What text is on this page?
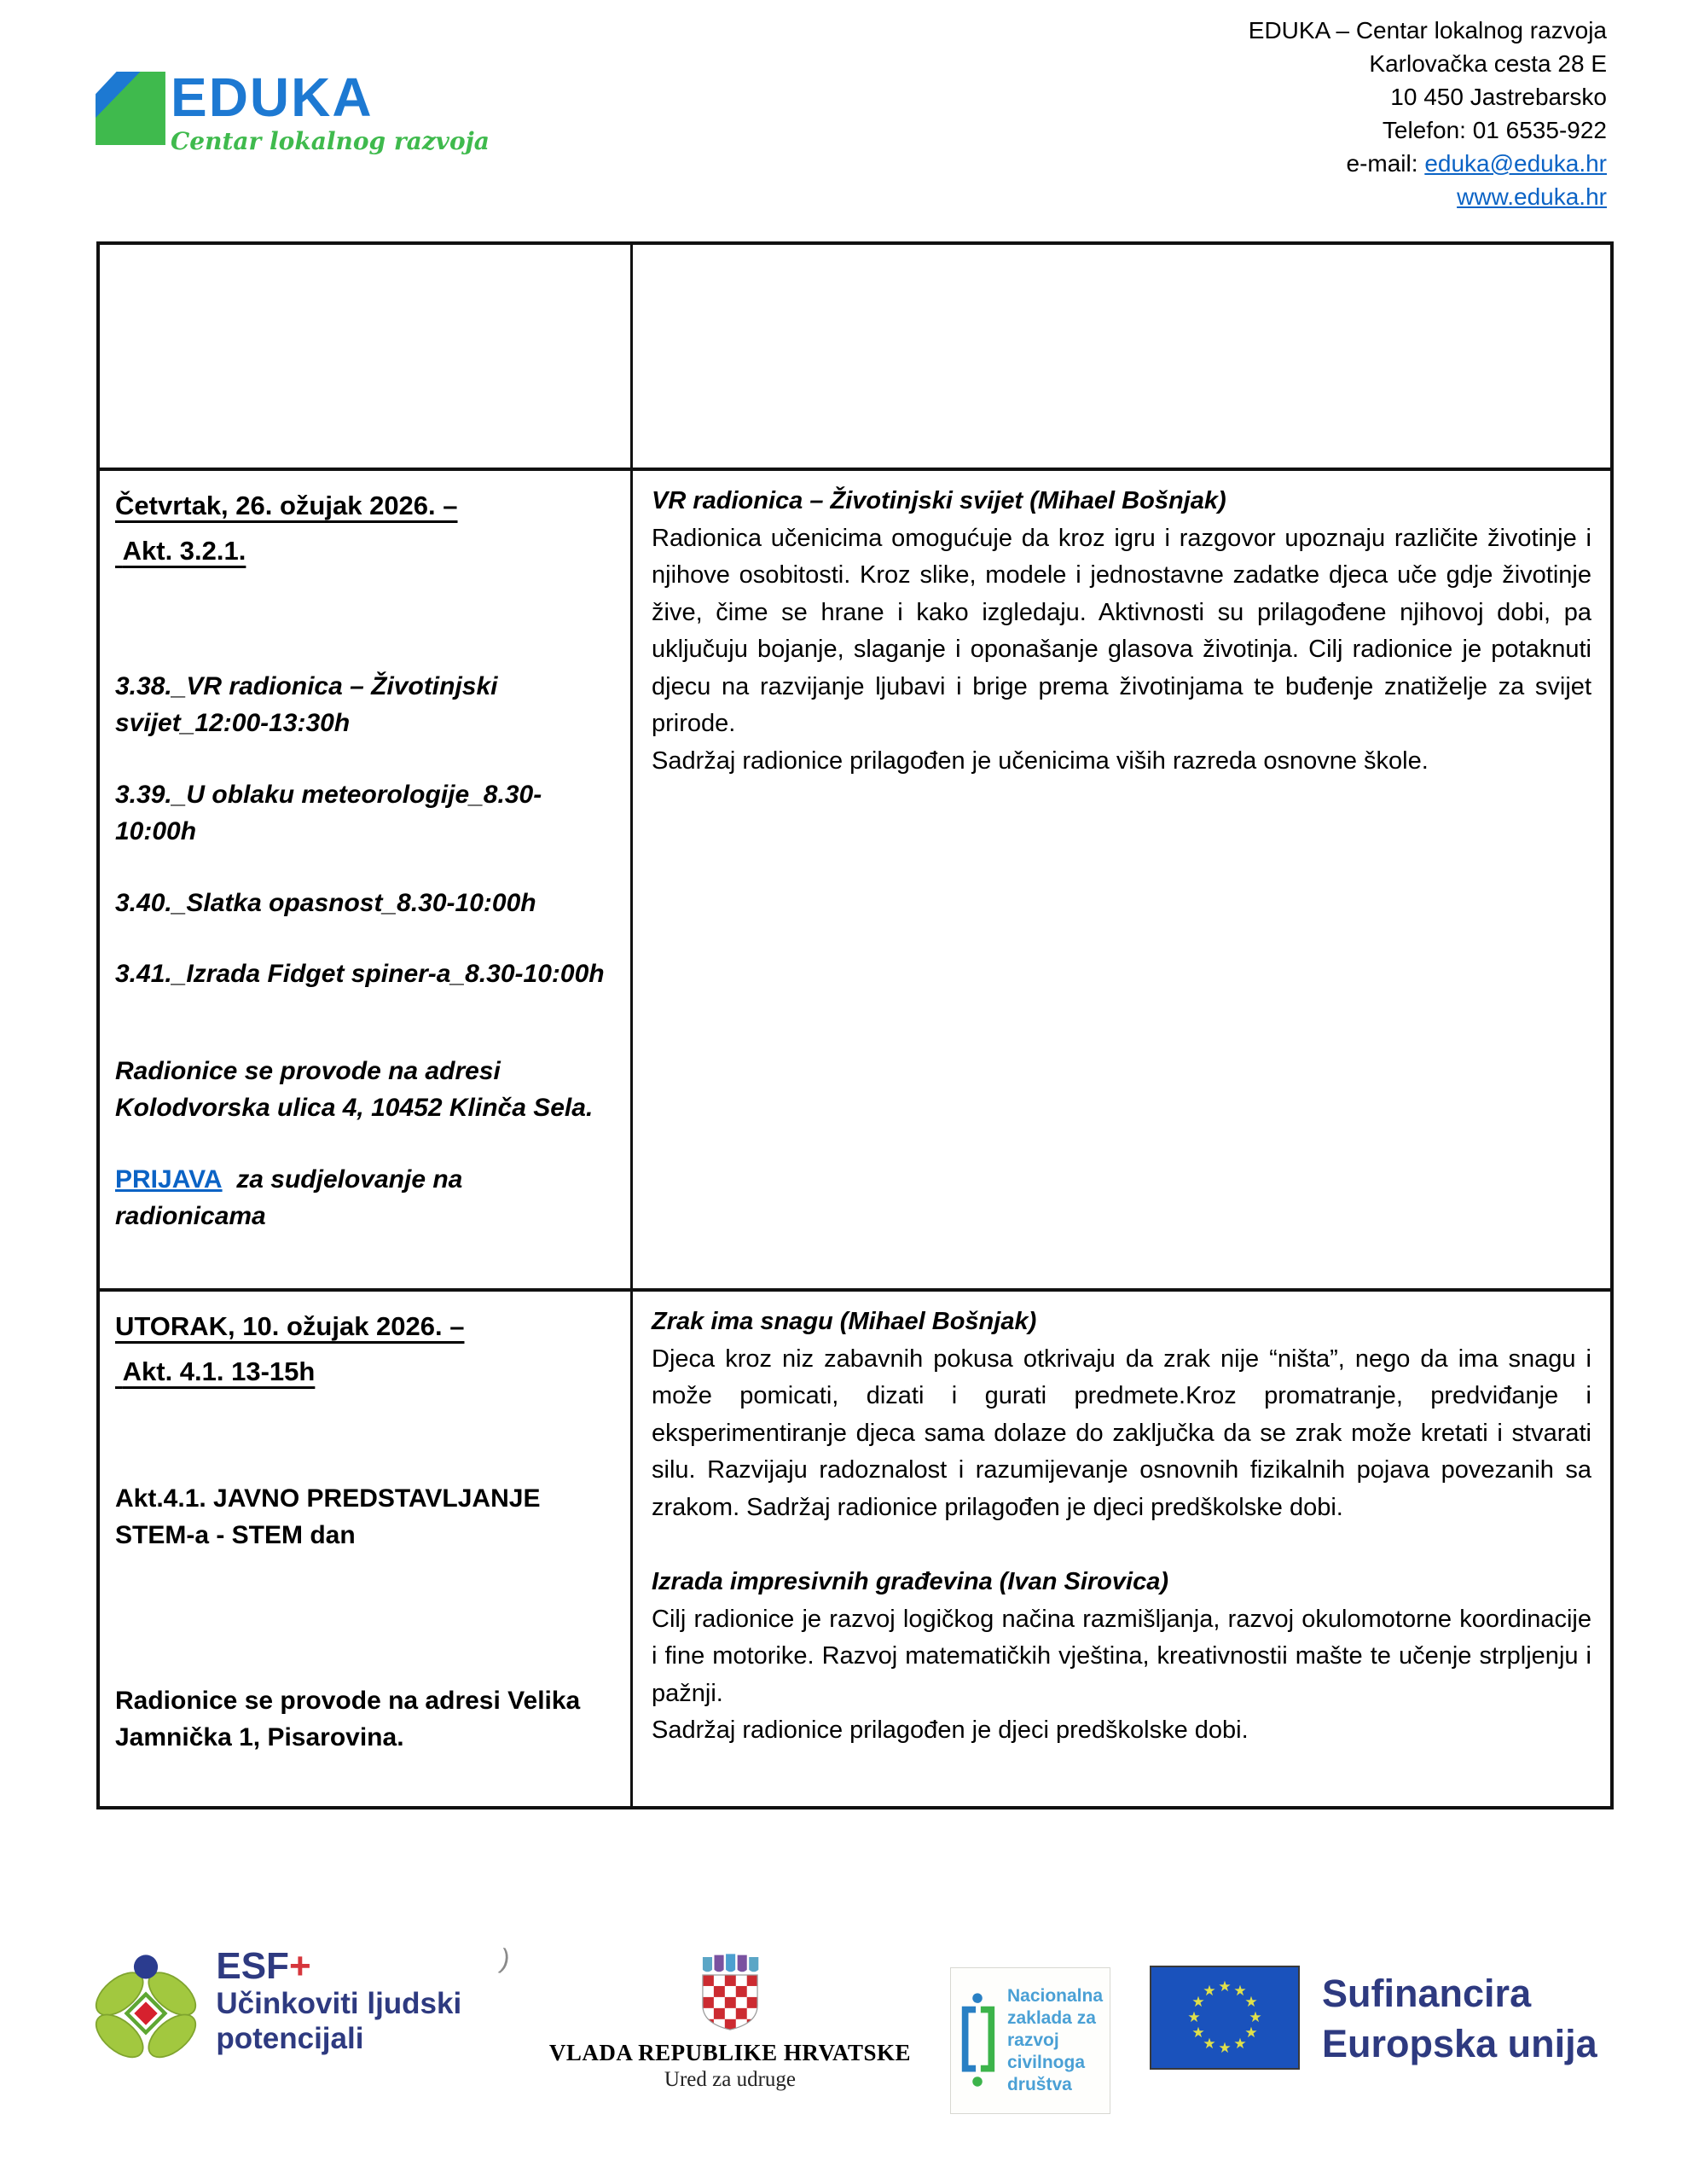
EDUKA
Centar lokalnog razvoja
EDUKA – Centar lokalnog razvoja
Karlovačka cesta 28 E
10 450 Jastrebarsko
Telefon: 01 6535-922
e-mail: eduka@eduka.hr
www.eduka.hr
Četvrtak, 26. ožujak 2026. –
Akt. 3.2.1.
3.38._VR radionica – Životinjski svijet_12:00-13:30h
3.39._U oblaku meteorologije_8.30-10:00h
3.40._Slatka opasnost_8.30-10:00h
3.41._Izrada Fidget spiner-a_8.30-10:00h
Radionice se provode na adresi Kolodvorska ulica 4, 10452 Klinča Sela.
PRIJAVA  za sudjelovanje na radionicama

VR radionica – Životinjski svijet (Mihael Bošnjak)

Radionica učenicima omogućuje da kroz igru i razgovor upoznaju različite životinje i njihove osobitosti. Kroz slike, modele i jednostavne zadatke djeca uče gdje životinje žive, čime se hrane i kako izgledaju. Aktivnosti su prilagođene njihovoj dobi, pa uključuju bojanje, slaganje i oponašanje glasova životinja. Cilj radionice je potaknuti djecu na razvijanje ljubavi i brige prema životinjama te buđenje znatiželje za svijet prirode.

Sadržaj radionice prilagođen je učenicima viših razreda osnovne škole.

UTORAK, 10. ožujak 2026. –
Akt. 4.1. 13-15h
Akt.4.1. JAVNO PREDSTAVLJANJE STEM-a - STEM dan
Radionice se provode na adresi Velika Jamnička 1, Pisarovina.

Zrak ima snagu (Mihael Bošnjak)

Djeca kroz niz zabavnih pokusa otkrivaju da zrak nije “ništa”, nego da ima snagu i može pomicati, dizati i gurati predmete.Kroz promatranje, predviđanje i eksperimentiranje djeca sama dolaze do zaključka da se zrak može kretati i stvarati silu. Razvijaju radoznalost i razumijevanje osnovnih fizikalnih pojava povezanih sa zrakom. Sadržaj radionice prilagođen je djeci predškolske dobi.

Izrada impresivnih građevina (Ivan Sirovica)

Cilj radionice je razvoj logičkog načina razmišljanja, razvoj okulomotorne koordinacije i fine motorike. Razvoj matematičkih vještina, kreativnostii mašte te učenje strpljenju i pažnji.

Sadržaj radionice prilagođen je djeci predškolske dobi.

ESF+
Učinkoviti ljudski
potencijali
)
VLADA REPUBLIKE HRVATSKE
Ured za udruge
Nacionalna
zaklada za
razvoj
civilnoga
društva
★ ★
★
★
★
★
★
★
★
★
★
★	Sufinancira
Europska unija
